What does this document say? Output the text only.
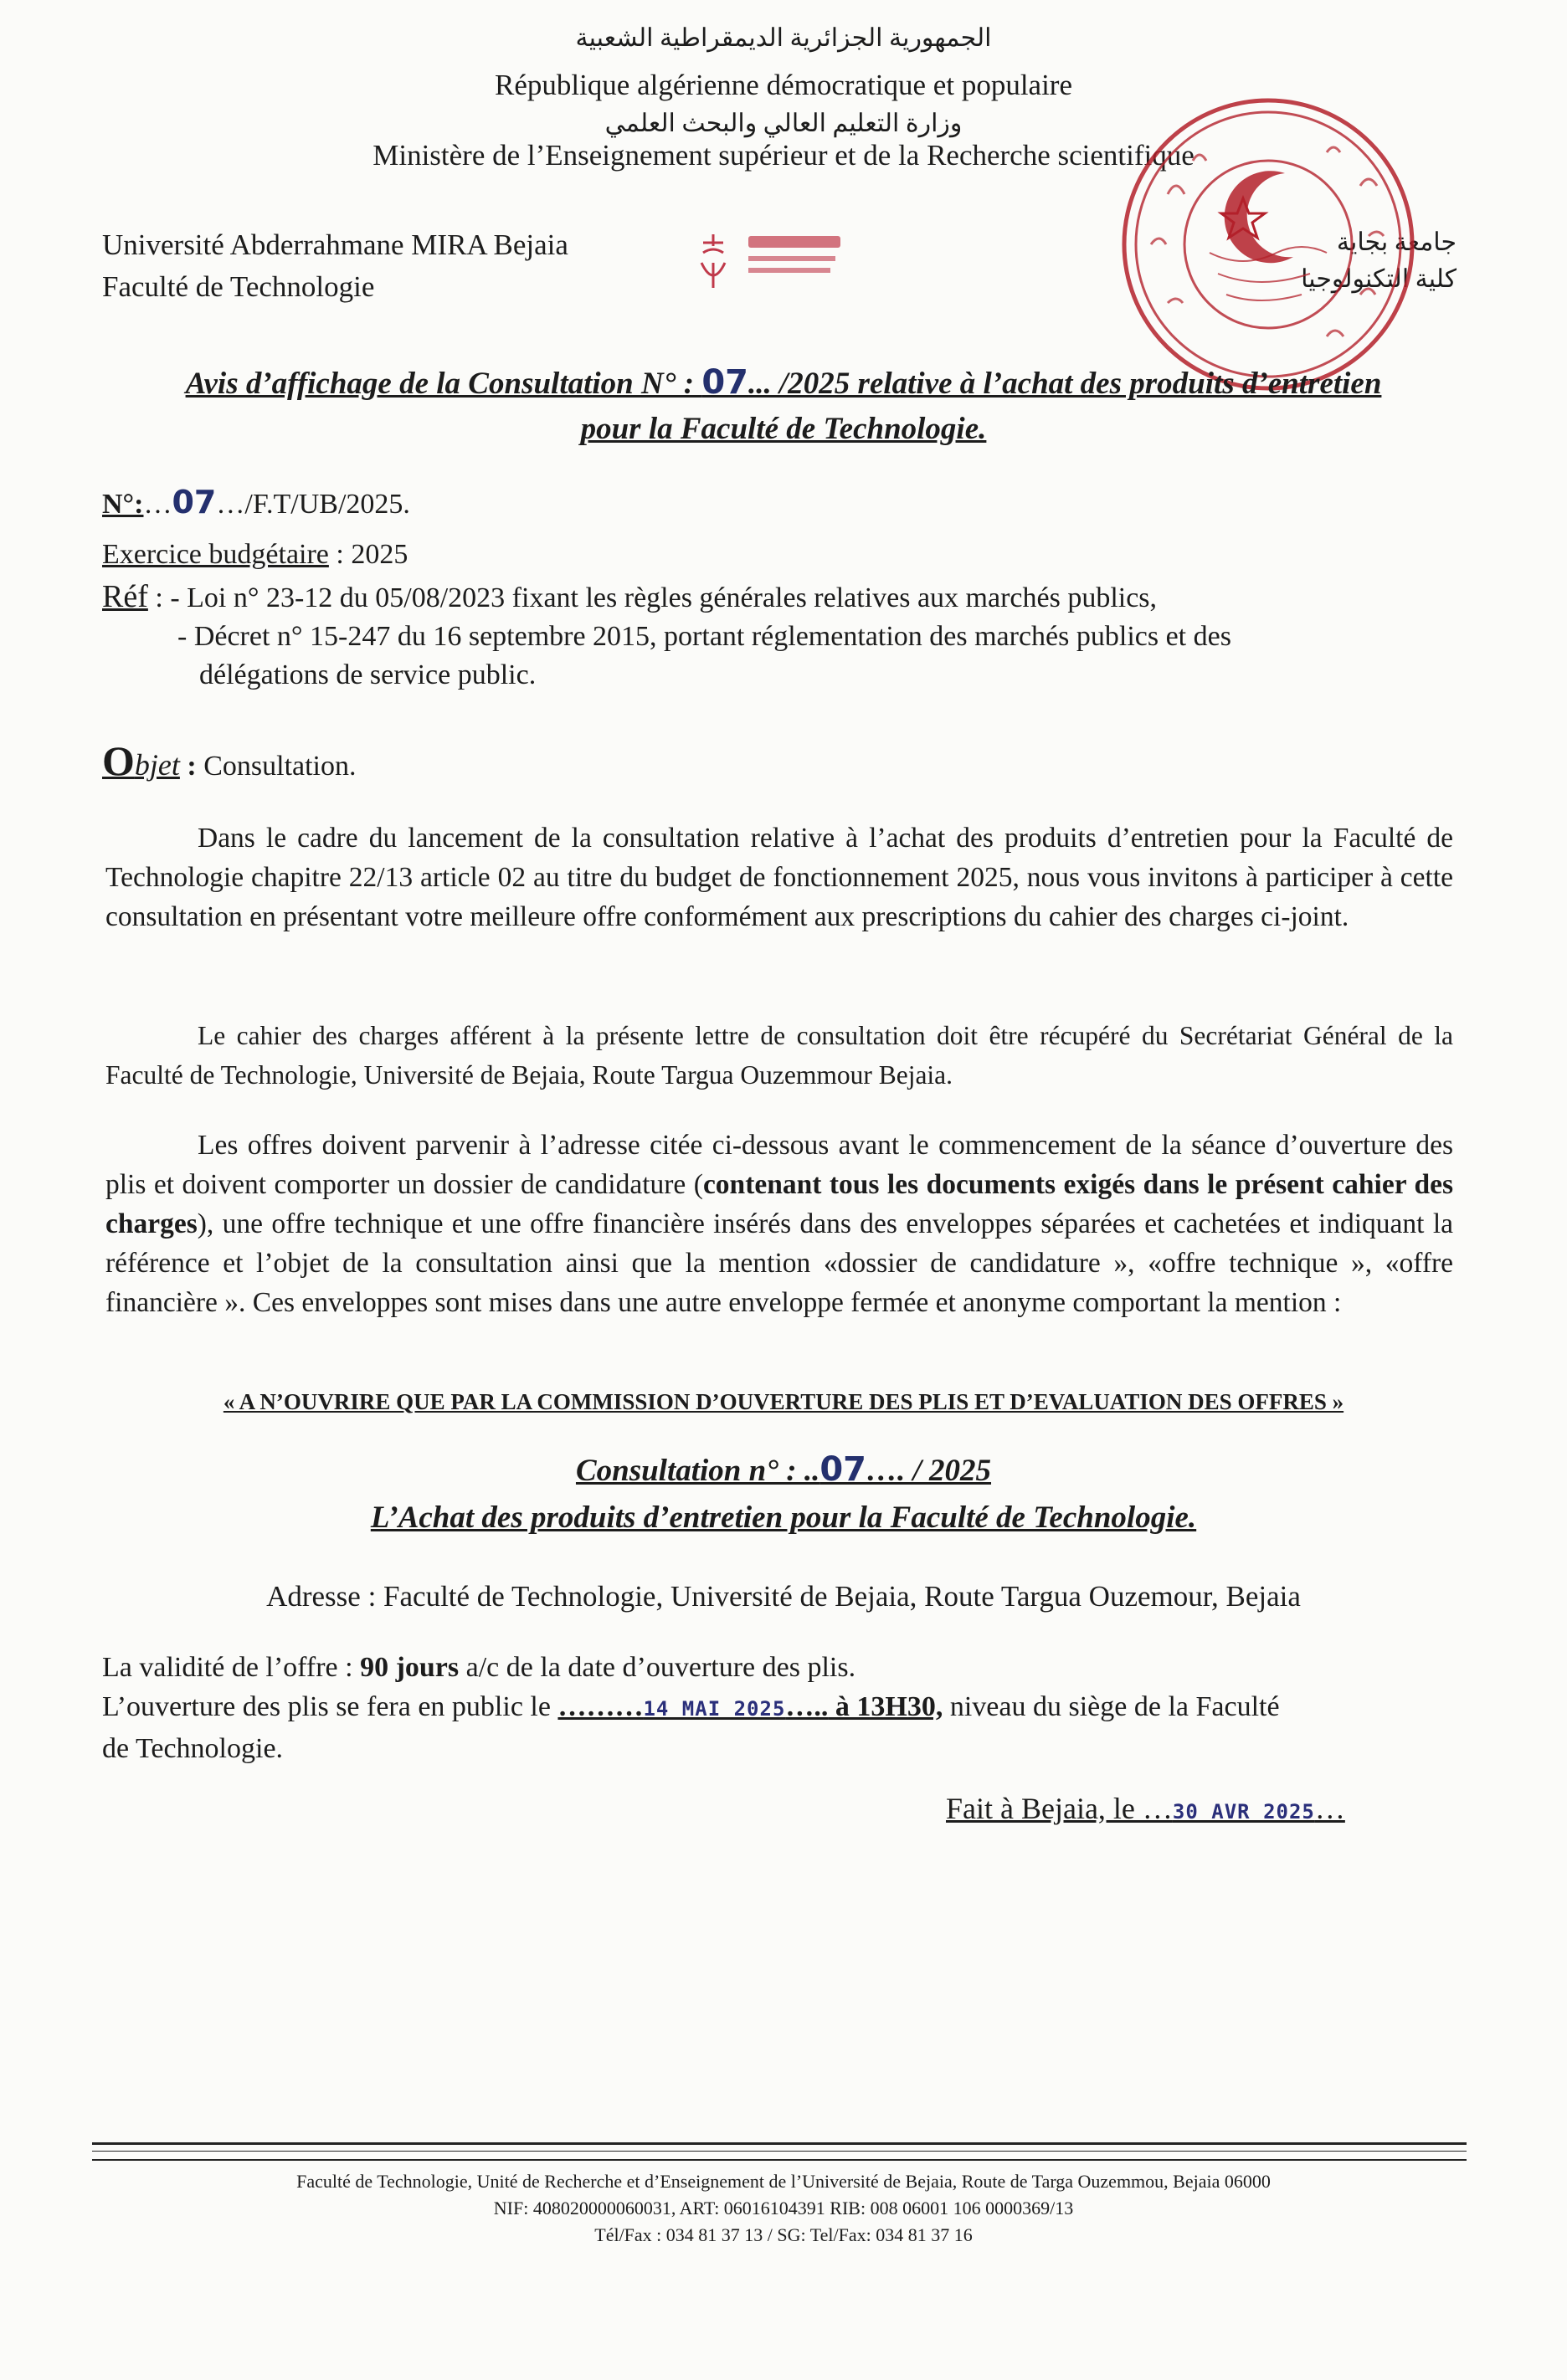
الجمهورية الجزائرية الديمقراطية الشعبية
République algérienne démocratique et populaire
وزارة التعليم العالي والبحث العلمي
Ministère de l’Enseignement supérieur et de la Recherche scientifique
Université Abderrahmane MIRA Bejaia
Faculté de Technologie
جامعة بجاية
كلية التكنولوجيا
Avis d’affichage de la Consultation N° : 07... /2025 relative à l’achat des produits d’entretien
pour la Faculté de Technologie.
N°:…07…/F.T/UB/2025.
Exercice budgétaire : 2025
Réf : - Loi n° 23-12 du 05/08/2023 fixant les règles générales relatives aux marchés publics,
- Décret n° 15-247 du 16 septembre 2015, portant réglementation des marchés publics et des
délégations de service public.
Objet : Consultation.
Dans le cadre du lancement de la consultation relative à l’achat des produits d’entretien pour la Faculté de Technologie chapitre 22/13 article 02 au titre du budget de fonctionnement 2025, nous vous invitons à participer à cette consultation en présentant votre meilleure offre conformément aux prescriptions du cahier des charges ci-joint.
Le cahier des charges afférent à la présente lettre de consultation doit être récupéré du Secrétariat Général de la Faculté de Technologie, Université de Bejaia, Route Targua Ouzemmour Bejaia.
Les offres doivent parvenir à l’adresse citée ci-dessous avant le commencement de la séance d’ouverture des plis et doivent comporter un dossier de candidature (contenant tous les documents exigés dans le présent cahier des charges), une offre technique et une offre financière insérés dans des enveloppes séparées et cachetées et indiquant la référence et l’objet de la consultation ainsi que la mention «dossier de candidature », «offre technique », «offre financière ». Ces enveloppes sont mises dans une autre enveloppe fermée et anonyme comportant la mention :
« A N’OUVRIRE QUE PAR LA COMMISSION D’OUVERTURE DES PLIS ET D’EVALUATION DES OFFRES »
Consultation n° : ..07…. / 2025
L’Achat des produits d’entretien pour la Faculté de Technologie.
Adresse : Faculté de Technologie, Université de Bejaia, Route Targua Ouzemour, Bejaia
La validité de l’offre : 90 jours a/c de la date d’ouverture des plis.
L’ouverture des plis se fera en public le ………14 MAI 2025….. à 13H30, niveau du siège de la Faculté
de Technologie.
Fait à Bejaia, le …30 AVR 2025…
Faculté de Technologie, Unité de Recherche et d’Enseignement de l’Université de Bejaia, Route de Targa Ouzemmou, Bejaia 06000
NIF: 408020000060031, ART: 06016104391 RIB: 008 06001 106 0000369/13
Tél/Fax : 034 81 37 13 / SG: Tel/Fax: 034 81 37 16
